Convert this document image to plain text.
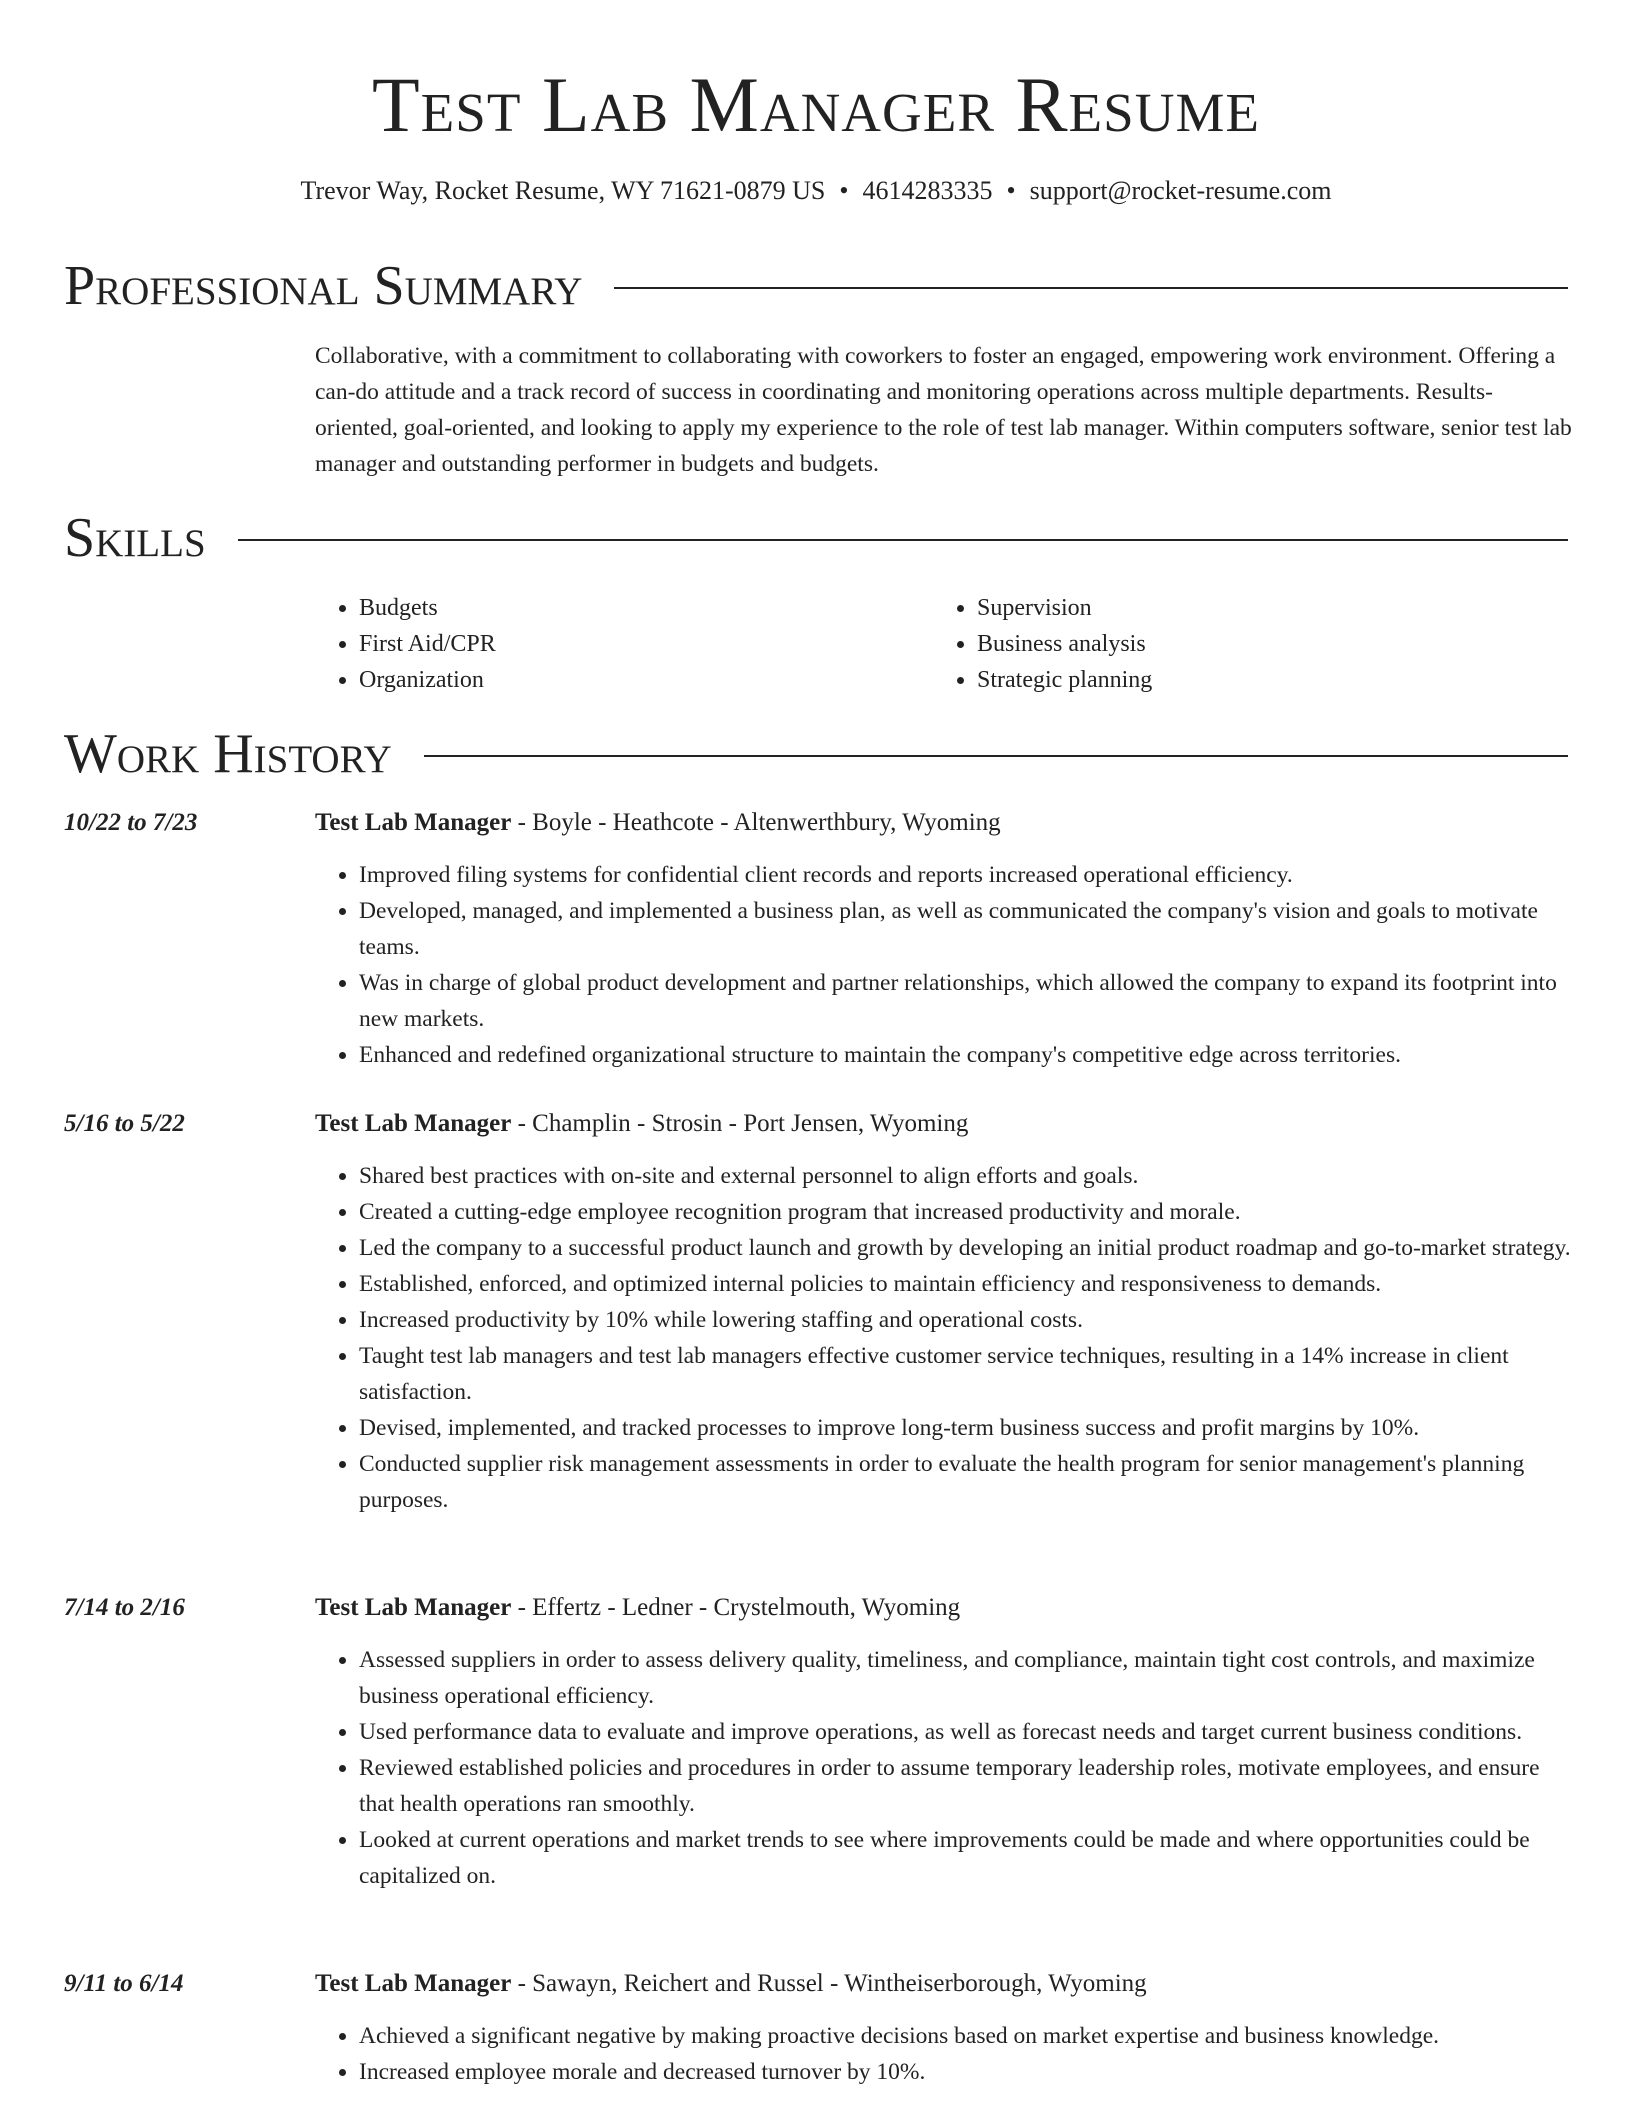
Test Lab Manager Resume
Trevor Way, Rocket Resume, WY 71621-0879 US • 4614283335 • support@rocket-resume.com
Professional Summary

Collaborative, with a commitment to collaborating with coworkers to foster an engaged, empowering work environment. Offering a can-do attitude and a track record of success in coordinating and monitoring operations across multiple departments. Results-oriented, goal-oriented, and looking to apply my experience to the role of test lab manager. Within computers software, senior test lab manager and outstanding performer in budgets and budgets.

Skills
• Budgets
• First Aid/CPR
• Organization
• Supervision
• Business analysis
• Strategic planning
Work History
10/22 to 7/23	Test Lab Manager - Boyle - Heathcote - Altenwerthbury, Wyoming
• Improved filing systems for confidential client records and reports increased operational efficiency.
• Developed, managed, and implemented a business plan, as well as communicated the company's vision and goals to motivate teams.
• Was in charge of global product development and partner relationships, which allowed the company to expand its footprint into new markets.
• Enhanced and redefined organizational structure to maintain the company's competitive edge across territories.
5/16 to 5/22	Test Lab Manager - Champlin - Strosin - Port Jensen, Wyoming
• Shared best practices with on-site and external personnel to align efforts and goals.
• Created a cutting-edge employee recognition program that increased productivity and morale.
• Led the company to a successful product launch and growth by developing an initial product roadmap and go-to-market strategy.
• Established, enforced, and optimized internal policies to maintain efficiency and responsiveness to demands.
• Increased productivity by 10% while lowering staffing and operational costs.
• Taught test lab managers and test lab managers effective customer service techniques, resulting in a 14% increase in client satisfaction.
• Devised, implemented, and tracked processes to improve long-term business success and profit margins by 10%.
• Conducted supplier risk management assessments in order to evaluate the health program for senior management's planning purposes.
7/14 to 2/16	Test Lab Manager - Effertz - Ledner - Crystelmouth, Wyoming
• Assessed suppliers in order to assess delivery quality, timeliness, and compliance, maintain tight cost controls, and maximize business operational efficiency.
• Used performance data to evaluate and improve operations, as well as forecast needs and target current business conditions.
• Reviewed established policies and procedures in order to assume temporary leadership roles, motivate employees, and ensure that health operations ran smoothly.
• Looked at current operations and market trends to see where improvements could be made and where opportunities could be capitalized on.
9/11 to 6/14	Test Lab Manager - Sawayn, Reichert and Russel - Wintheiserborough, Wyoming
• Achieved a significant negative by making proactive decisions based on market expertise and business knowledge.
• Increased employee morale and decreased turnover by 10%.
